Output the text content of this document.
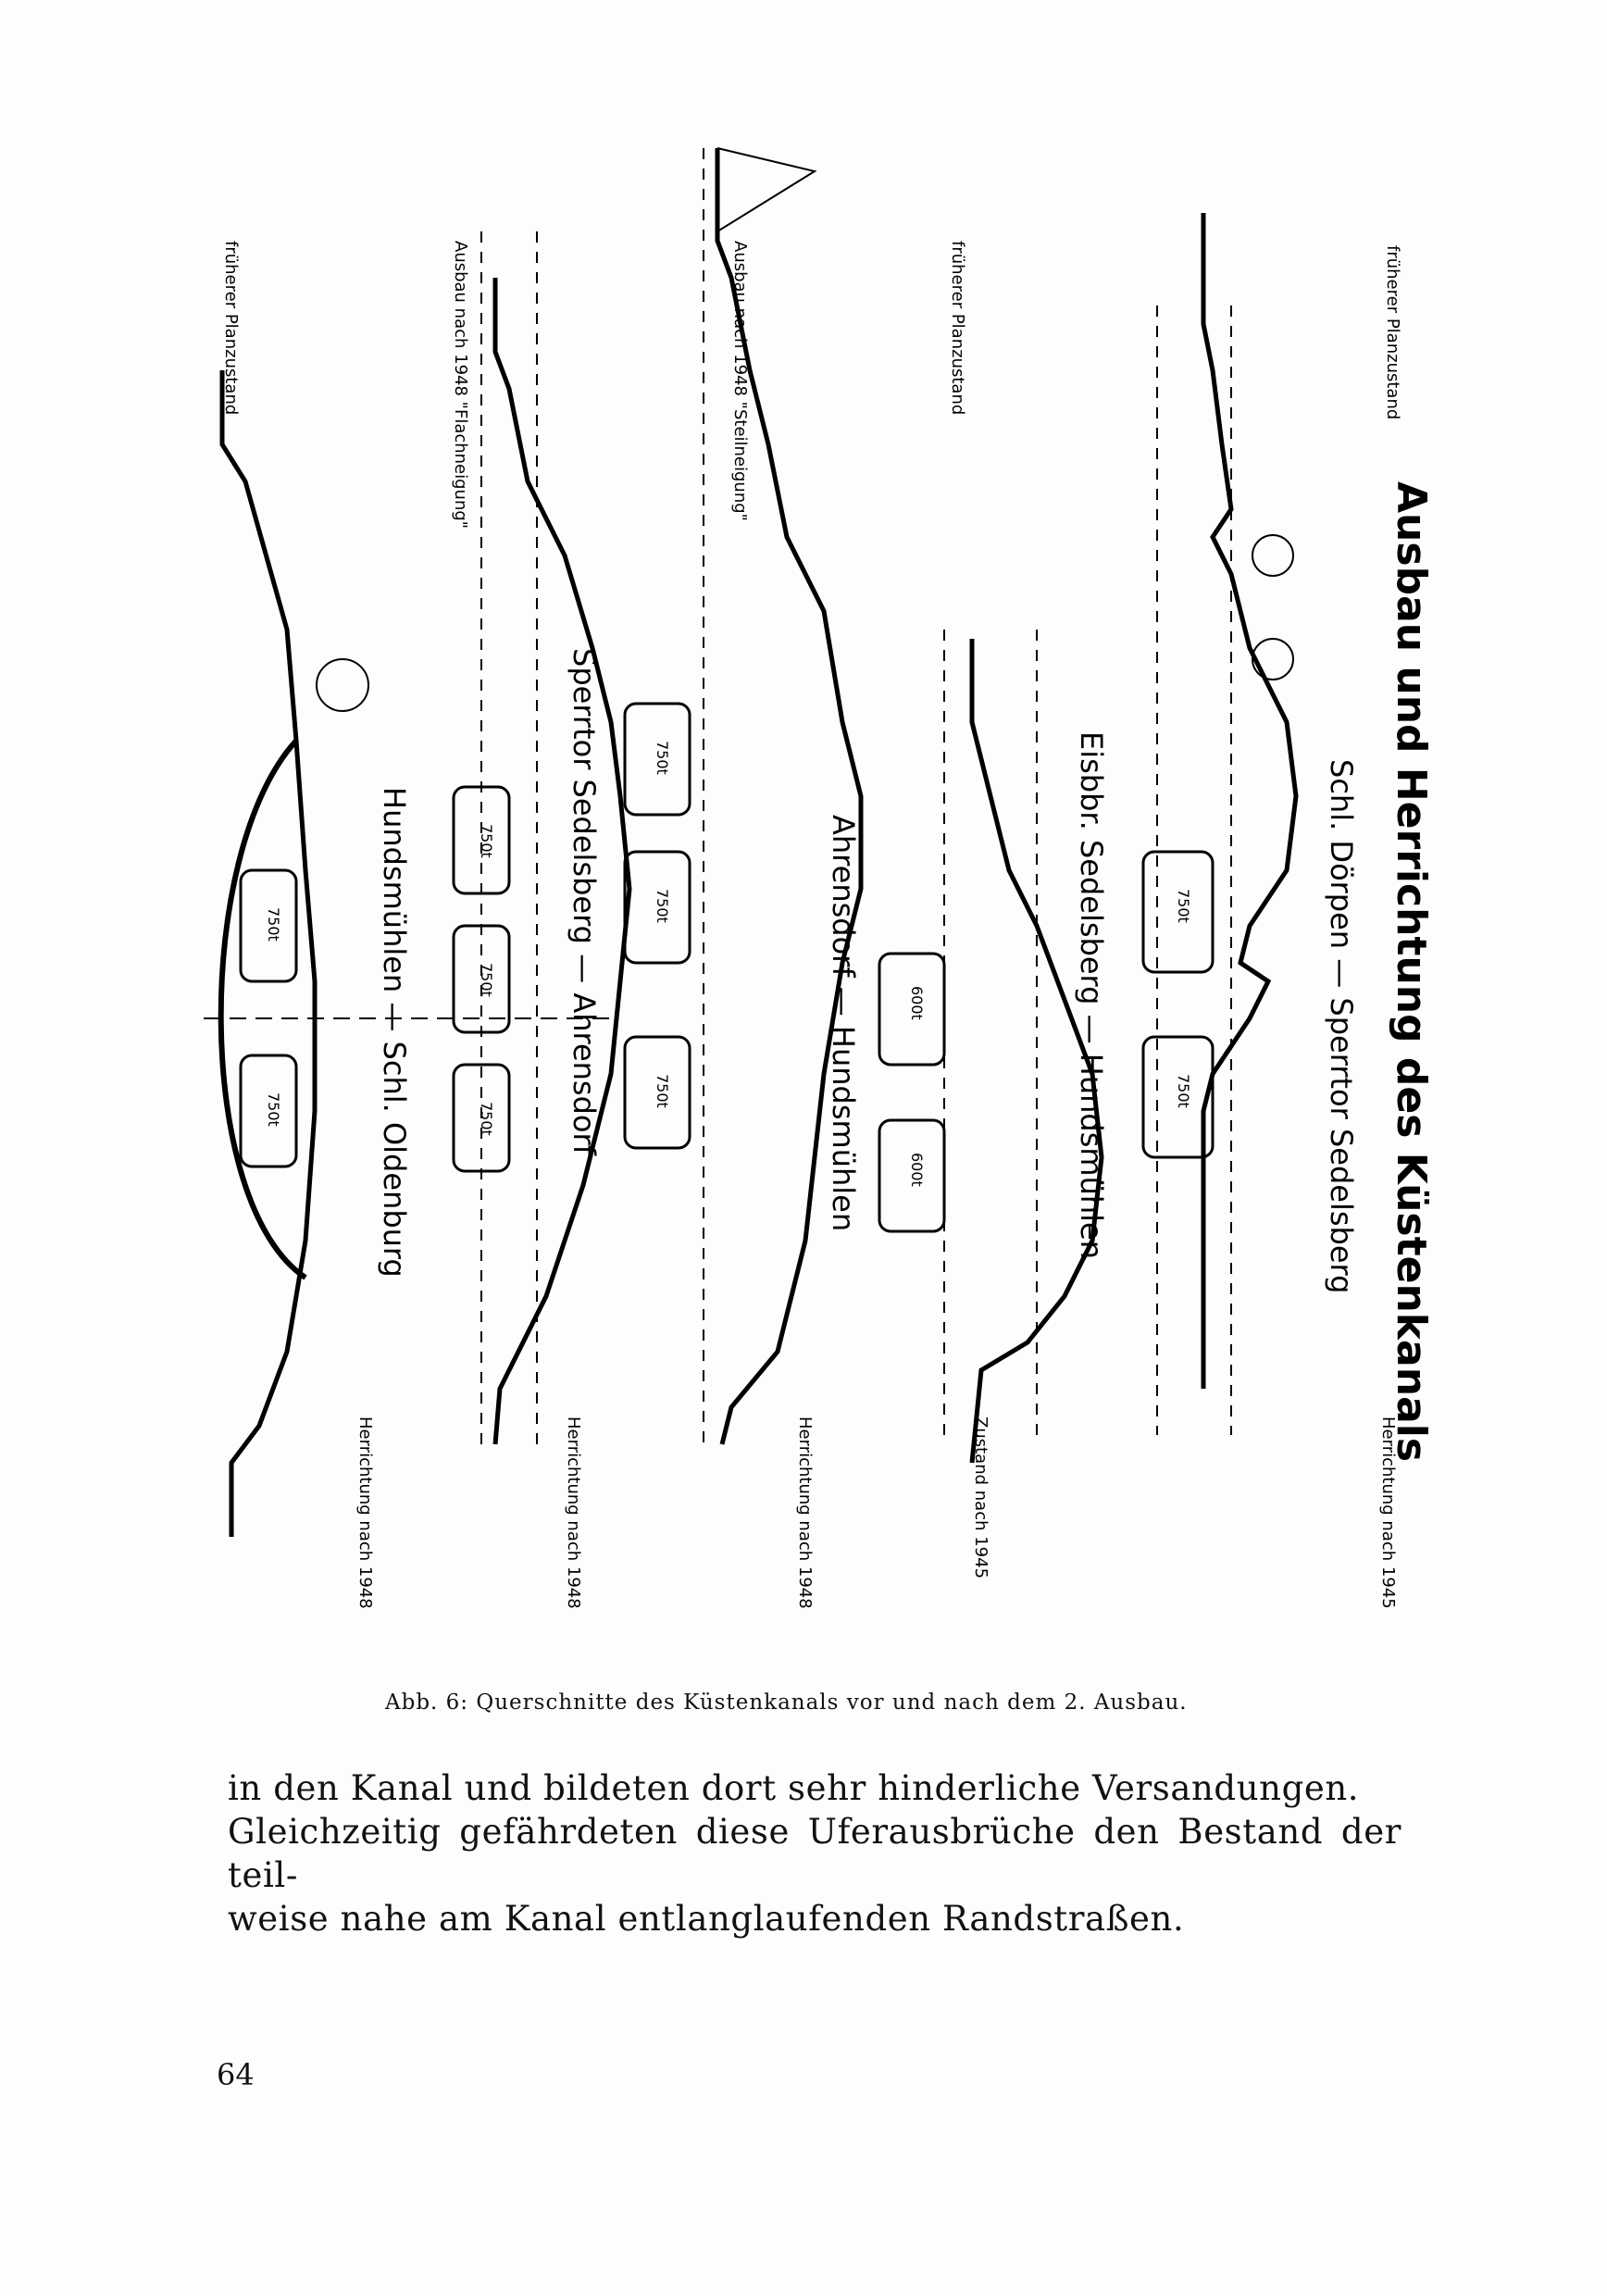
Ausbau und Herrichtung des Küstenkanals
Schl. Dörpen — Sperrtor Sedelsberg
früherer Planzustand
Herrichtung nach 1945
Eisbbr. Sedelsberg — Hundsmühlen
früherer Planzustand
Zustand nach 1945
Ahrensdorf — Hundsmühlen
Ausbau nach 1948 "Steilneigung"
Herrichtung nach 1948
Sperrtor Sedelsberg — Ahrensdorf
Ausbau nach 1948 "Flachneigung"
Herrichtung nach 1948
Hundsmühlen — Schl. Oldenburg
früherer Planzustand
Herrichtung nach 1948
750t
750t
600t
600t
750t
750t
750t
750t
750t
750t
750t
750t
Abb. 6: Querschnitte des Küstenkanals vor und nach dem 2. Ausbau.

in den Kanal und bildeten dort sehr hinderliche Versandungen.

Gleichzeitig gefährdeten diese Uferausbrüche den Bestand der teil-

weise nahe am Kanal entlanglaufenden Randstraßen.

64
